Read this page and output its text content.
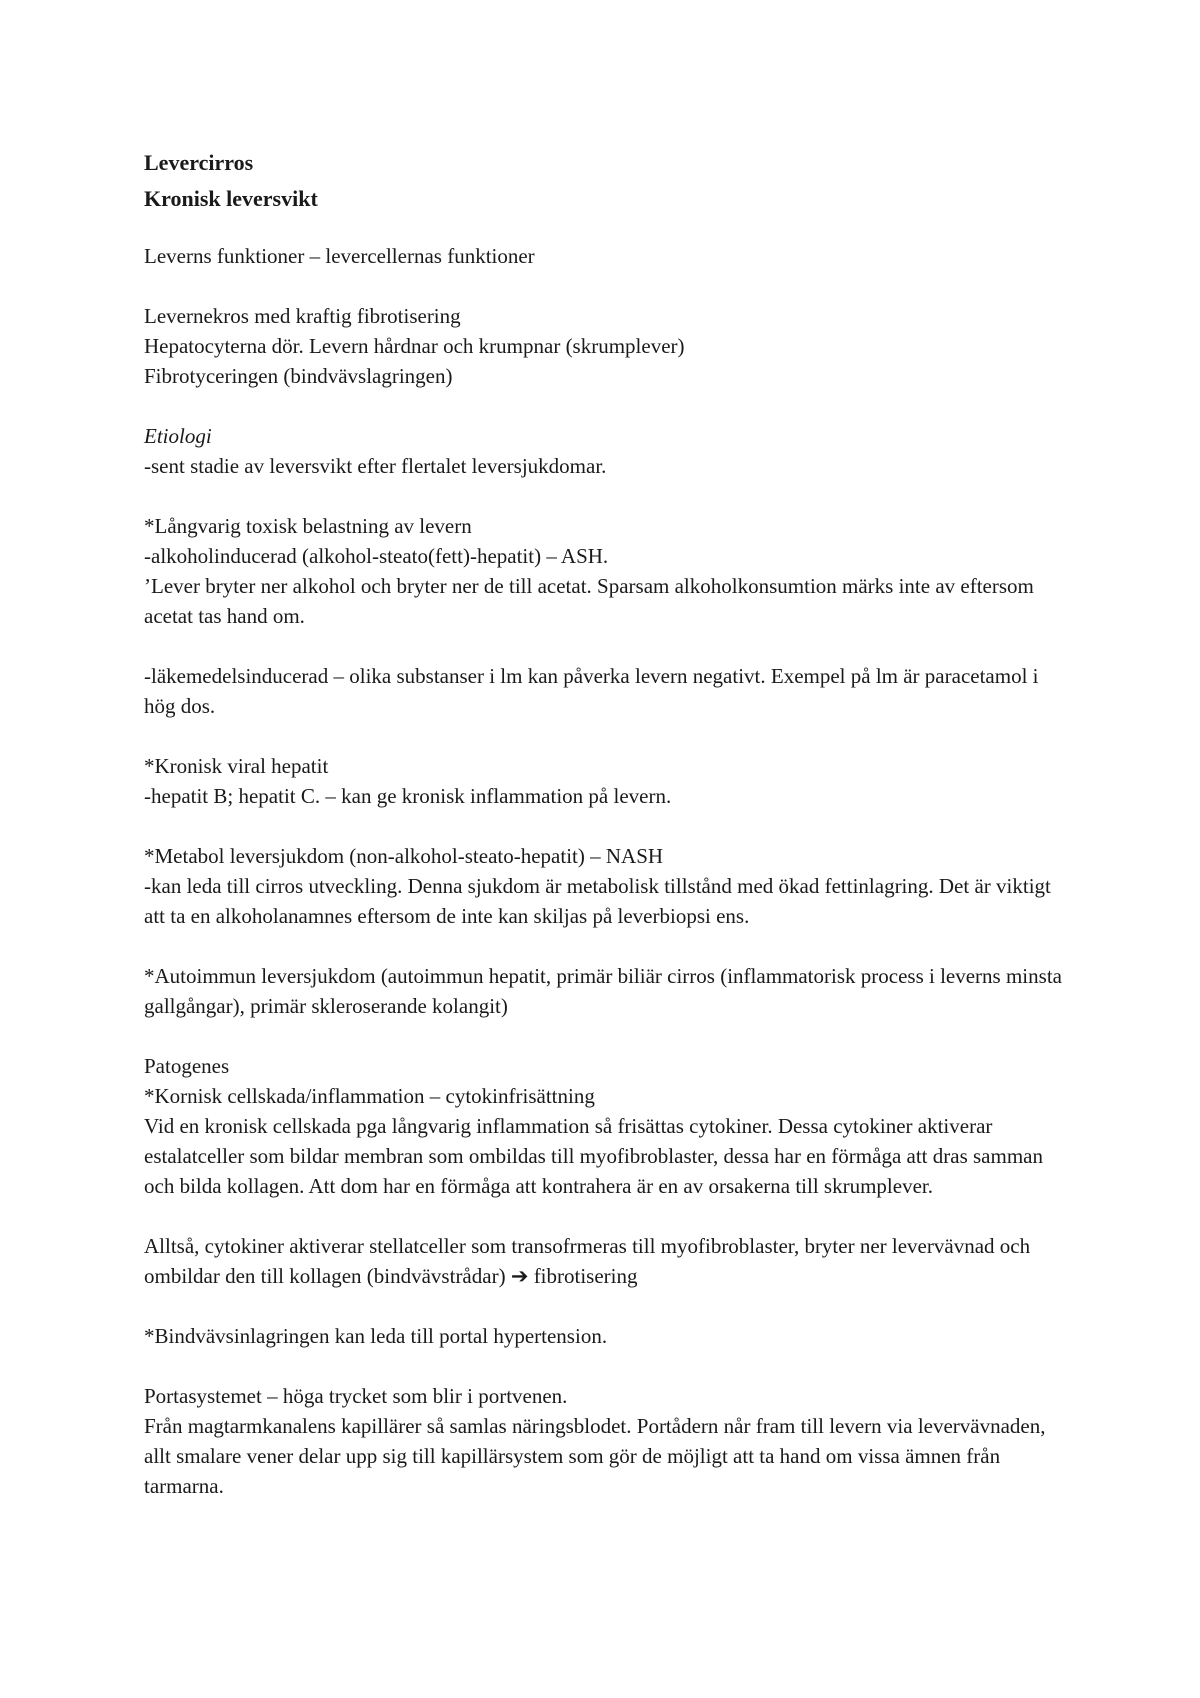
Levercirros

Kronisk leversvikt

Leverns funktioner – levercellernas funktioner

Levernekros med kraftig fibrotisering

Hepatocyterna dör. Levern hårdnar och krumpnar (skrumplever)

Fibrotyceringen (bindvävslagringen)

Etiologi

-sent stadie av leversvikt efter flertalet leversjukdomar.

*Långvarig toxisk belastning av levern

-alkoholinducerad (alkohol-steato(fett)-hepatit) – ASH.

’Lever bryter ner alkohol och bryter ner de till acetat. Sparsam alkoholkonsumtion märks inte av eftersom acetat tas hand om.

-läkemedelsinducerad – olika substanser i lm kan påverka levern negativt. Exempel på lm är paracetamol i hög dos.

*Kronisk viral hepatit

-hepatit B; hepatit C. – kan ge kronisk inflammation på levern.

*Metabol leversjukdom (non-alkohol-steato-hepatit) – NASH

-kan leda till cirros utveckling. Denna sjukdom är metabolisk tillstånd med ökad fettinlagring. Det är viktigt att ta en alkoholanamnes eftersom de inte kan skiljas på leverbiopsi ens.

*Autoimmun leversjukdom (autoimmun hepatit, primär biliär cirros (inflammatorisk process i leverns minsta gallgångar), primär skleroserande kolangit)

Patogenes

*Kornisk cellskada/inflammation – cytokinfrisättning

Vid en kronisk cellskada pga långvarig inflammation så frisättas cytokiner. Dessa cytokiner aktiverar estalatceller som bildar membran som ombildas till myofibroblaster, dessa har en förmåga att dras samman och bilda kollagen. Att dom har en förmåga att kontrahera är en av orsakerna till skrumplever.

Alltså, cytokiner aktiverar stellatceller som transofrmeras till myofibroblaster, bryter ner levervävnad och ombildar den till kollagen (bindvävstrådar) ➔ fibrotisering

*Bindvävsinlagringen kan leda till portal hypertension.

Portasystemet – höga trycket som blir i portvenen.

Från magtarmkanalens kapillärer så samlas näringsblodet. Portådern når fram till levern via levervävnaden, allt smalare vener delar upp sig till kapillärsystem som gör de möjligt att ta hand om vissa ämnen från tarmarna.
